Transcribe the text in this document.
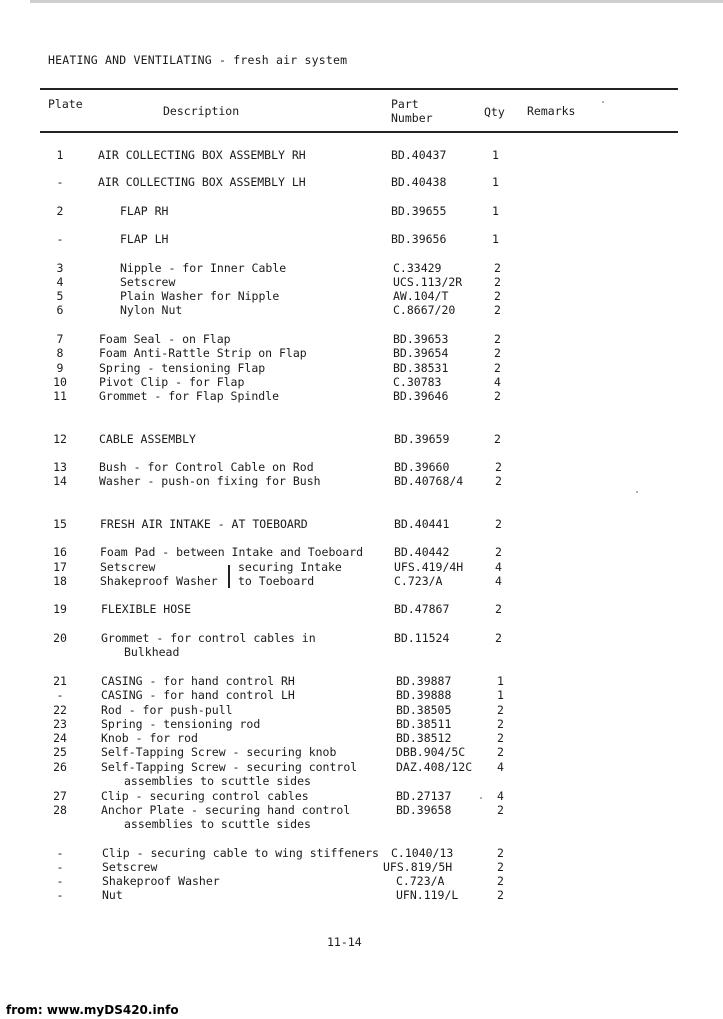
HEATING AND VENTILATING - fresh air system
Plate	Description	Part
Number	Qty Remarks
1	AIR COLLECTING BOX ASSEMBLY RH	BD.40437	1
-	AIR COLLECTING BOX ASSEMBLY LH	BD.40438	1
2	FLAP RH	BD.39655	1
-	FLAP LH	BD.39656	1
3	Nipple - for Inner Cable	C.33429	2
4	Setscrew	UCS.113/2R	2
5	Plain Washer for Nipple	AW.104/T	2
6	Nylon Nut	C.8667/20	2
7	Foam Seal - on Flap	BD.39653	2
8	Foam Anti-Rattle Strip on Flap	BD.39654	2
9	Spring - tensioning Flap	BD.38531	2
10	Pivot Clip - for Flap	C.30783	4
11	Grommet - for Flap Spindle	BD.39646	2
12	CABLE ASSEMBLY	BD.39659	2
13	Bush - for Control Cable on Rod	BD.39660	2
14	Washer - push-on fixing for Bush	BD.40768/4	2
15	FRESH AIR INTAKE - AT TOEBOARD	BD.40441	2
16	Foam Pad - between Intake and Toeboard	BD.40442	2
17	Setscrew	securing Intake	UFS.419/4H	4
18	Shakeproof Washer to Toeboard	C.723/A	4
19	FLEXIBLE HOSE	BD.47867	2
20	Grommet - for control cables in	BD.11524	2
Bulkhead
21	CASING - for hand control RH	BD.39887	1
-	CASING - for hand control LH	BD.39888	1
22	Rod - for push-pull	BD.38505	2
23	Spring - tensioning rod	BD.38511	2
24	Knob - for rod	BD.38512	2
25	Self-Tapping Screw - securing knob	DBB.904/5C	2
26	Self-Tapping Screw - securing control	DAZ.408/12C 4
assemblies to scuttle sides
27	Clip - securing control cables	BD.27137	4
28	Anchor Plate - securing hand control	BD.39658	2
assemblies to scuttle sides
-	Clip - securing cable to wing stiffeners C.1040/13	2
-	Setscrew	UFS.819/5H	2
-	Shakeproof Washer	C.723/A	2
-	Nut	UFN.119/L	2
11-14
from: www.myDS420.info
